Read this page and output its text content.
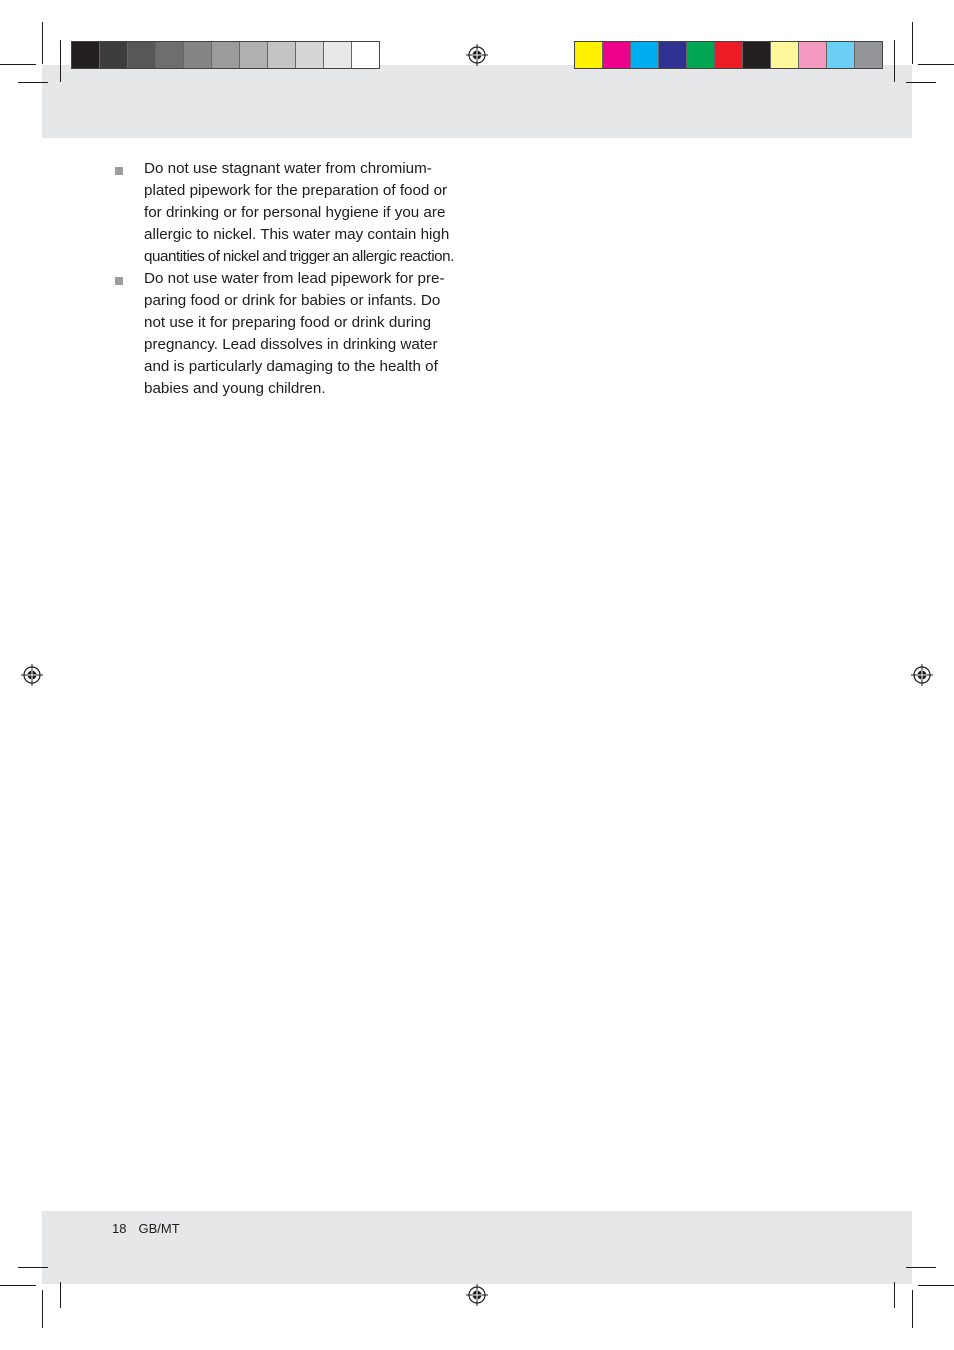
Do not use stagnant water from chromium-
plated pipework for the preparation of food or
for drinking or for personal hygiene if you are
allergic to nickel. This water may contain high
quantities of nickel and trigger an allergic reaction.

Do not use water from lead pipework for pre-
paring food or drink for babies or infants. Do
not use it for preparing food or drink during
pregnancy. Lead dissolves in drinking water
and is particularly damaging to the health of
babies and young children.

18 GB/MT
